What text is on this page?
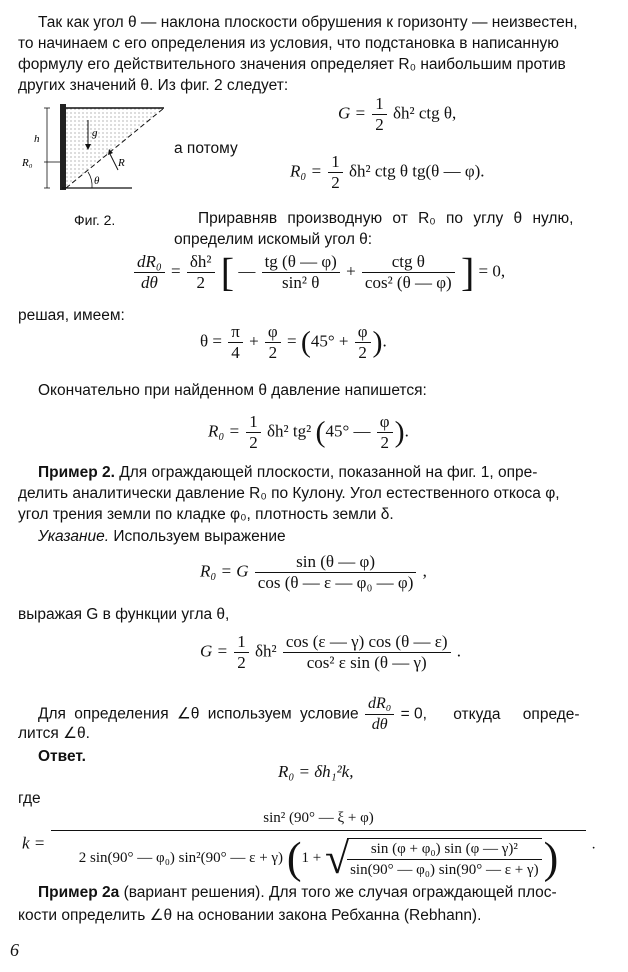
Так как угол θ — наклона плоскости обрушения к горизонту — неизвестен,
то начинаем с его определения из условия, что подстановка в написанную
формулу его действительного значения определяет R₀ наибольшим против
других значений θ. Из фиг. 2 следует:
h
R₀
g
R
θ
$G = \frac{1}{2} \delta h^2$ ctg θ,
а потому
$R_0 = \frac{1}{2} \delta h^2$ ctg θ tg(θ — φ).
Фиг. 2.	Приравняв производную от R₀ по углу θ нулю,
определим искомый угол θ:
$\frac{\text{dR₀}}{d\theta} = \frac{\text{δh²}}{2}$ [ — $\frac{tg (\theta — \varphi)}{\text{sin² θ}} + \frac{\text{ctg θ}}{\text{cos² (θ — φ)}}$ ] = 0,
решая, имеем:
$\theta = \frac{\pi}{4} + \frac{\varphi}{2} = (45^\circ + \frac{\varphi}{2}$ ).
Окончательно при найденном θ давление напишется:
$R_0 = \frac{1}{2} \delta h^2$ tg² (45° — $\frac{\varphi}{2}$ ).
Пример 2. Для ограждающей плоскости, показанной на фиг. 1, опре-
делить аналитически давление R₀ по Кулону. Угол естественного откоса φ,
угол трения земли по кладке φ₀, плотность земли δ.
Указание. Используем выражение
R₀ = G $\frac{\sin (\theta — \varphi)}{\text{cos (θ — ε — φ₀ — φ)}}$ ,
выражая G в функции угла θ,
$G = \frac{1}{2} \delta h^2 \frac{\cos (\varepsilon — \gamma) \cos (\theta — \varepsilon)}{\text{cos² ε sin (θ — γ)}}$ .
Для определения ∠θ используем условие $\frac{\text{dR₀}}{d\theta} = 0$, откуда опреде-
лится ∠θ.
Ответ.
R₀ = δh₁²k,
где
k =
sin² (90° — ξ + φ)
2 sin(90° — φ₀) sin²(90° — ε + γ) (1 + √
$\frac{\text{sin (φ + φ₀) sin (φ — γ)²}}{\text{sin(90° — φ₀) sin(90° — ε + γ)}}$ )	.
Пример 2а (вариант решения). Для того же случая ограждающей плос-
кости определить ∠θ на основании закона Ребханна (Rebhann).
6
